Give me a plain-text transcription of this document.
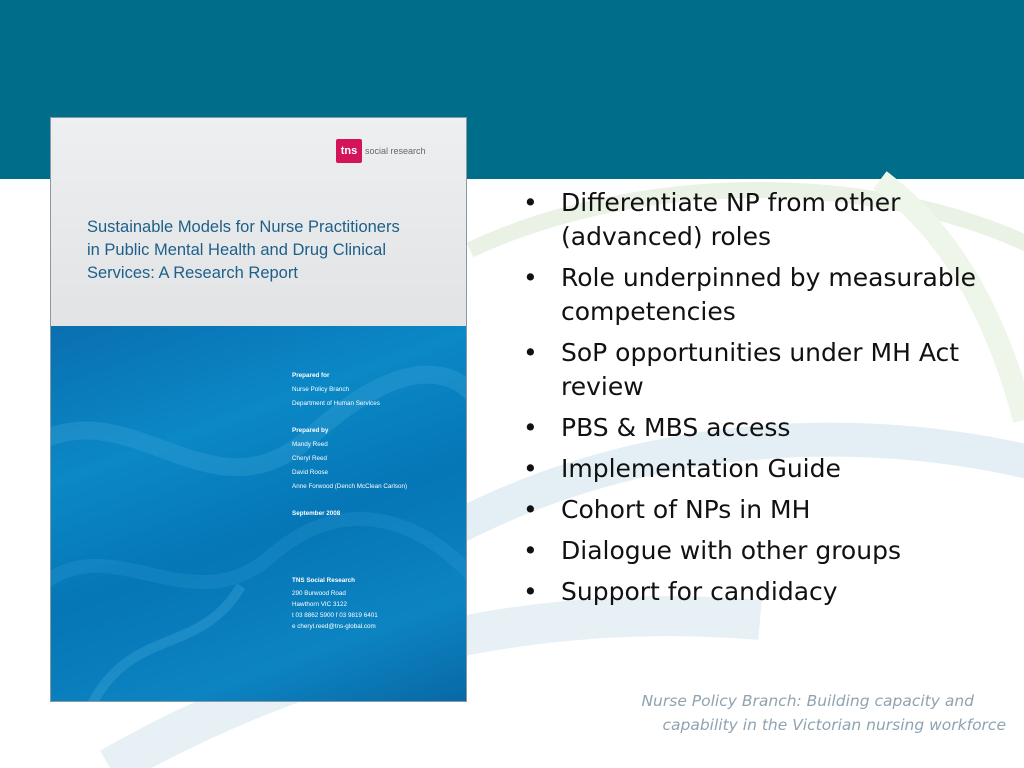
tns social research
Sustainable Models for Nurse Practitioners in Public Mental Health and Drug Clinical Services: A Research Report
Prepared for
Nurse Policy Branch
Department of Human Services
Prepared by
Mandy Reed
Cheryl Reed
David Roose
Anne Forwood (Dench McClean Carlson)
September 2008
TNS Social Research
290 Burwood Road
Hawthorn VIC 3122
t 03 8862 5900 f 03 9819 6401
e cheryl.reed@tns-global.com
• Differentiate NP from other (advanced) roles
• Role underpinned by measurable competencies
• SoP opportunities under MH Act review
• PBS & MBS access
• Implementation Guide
• Cohort of NPs in MH
• Dialogue with other groups
• Support for candidacy
Nurse Policy Branch: Building capacity and
capability in the Victorian nursing workforce
